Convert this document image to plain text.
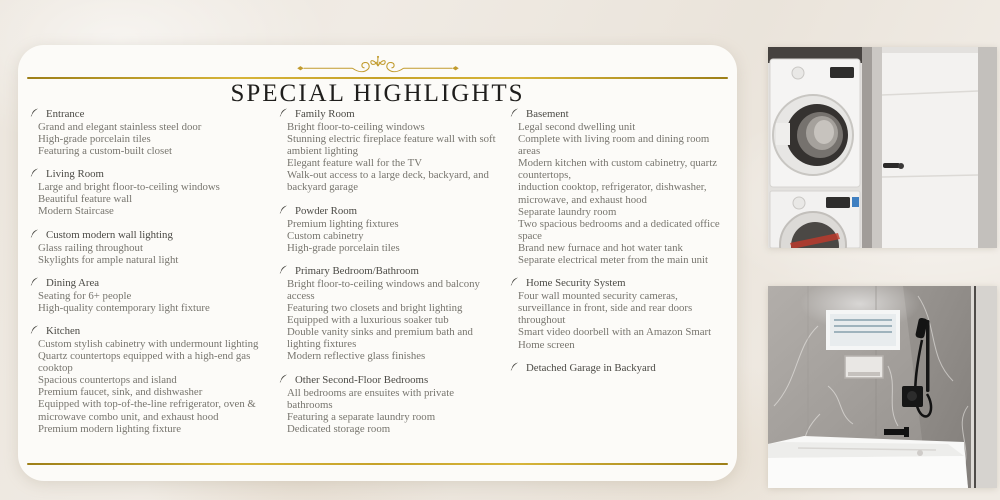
SPECIAL HIGHLIGHTS
Entrance
Grand and elegant stainless steel door
High-grade porcelain tiles
Featuring a custom-built closet
Living Room
Large and bright floor-to-ceiling windows
Beautiful feature wall
Modern Staircase
Custom modern wall lighting
Glass railing throughout
Skylights for ample natural light
Dining Area
Seating for 6+ people
High-quality contemporary light fixture
Kitchen
Custom stylish cabinetry with undermount lighting
Quartz countertops equipped with a high-end gas cooktop
Spacious countertops and island
Premium faucet, sink, and dishwasher
Equipped with top-of-the-line refrigerator, oven & microwave combo unit, and exhaust hood
Premium modern lighting fixture
Family Room
Bright floor-to-ceiling windows
Stunning electric fireplace feature wall with soft ambient lighting
Elegant feature wall for the TV
Walk-out access to a large deck, backyard, and backyard garage
Powder Room
Premium lighting fixtures
Custom cabinetry
High-grade porcelain tiles
Primary Bedroom/Bathroom
Bright floor-to-ceiling windows and balcony access
Featuring two closets and bright lighting
Equipped with a luxurious soaker tub
Double vanity sinks and premium bath and lighting fixtures
Modern reflective glass finishes
Other Second-Floor Bedrooms
All bedrooms are ensuites with private bathrooms
Featuring a separate laundry room
Dedicated storage room
Basement
Legal second dwelling unit
Complete with living room and dining room areas
Modern kitchen with custom cabinetry, quartz countertops,
induction cooktop, refrigerator, dishwasher, microwave, and exhaust hood
Separate laundry room
Two spacious bedrooms and a dedicated office space
Brand new furnace and hot water tank
Separate electrical meter from the main unit
Home Security System
Four wall mounted security cameras, surveillance in front, side and rear doors throughout
Smart video doorbell with an Amazon Smart Home screen
Detached Garage in Backyard
